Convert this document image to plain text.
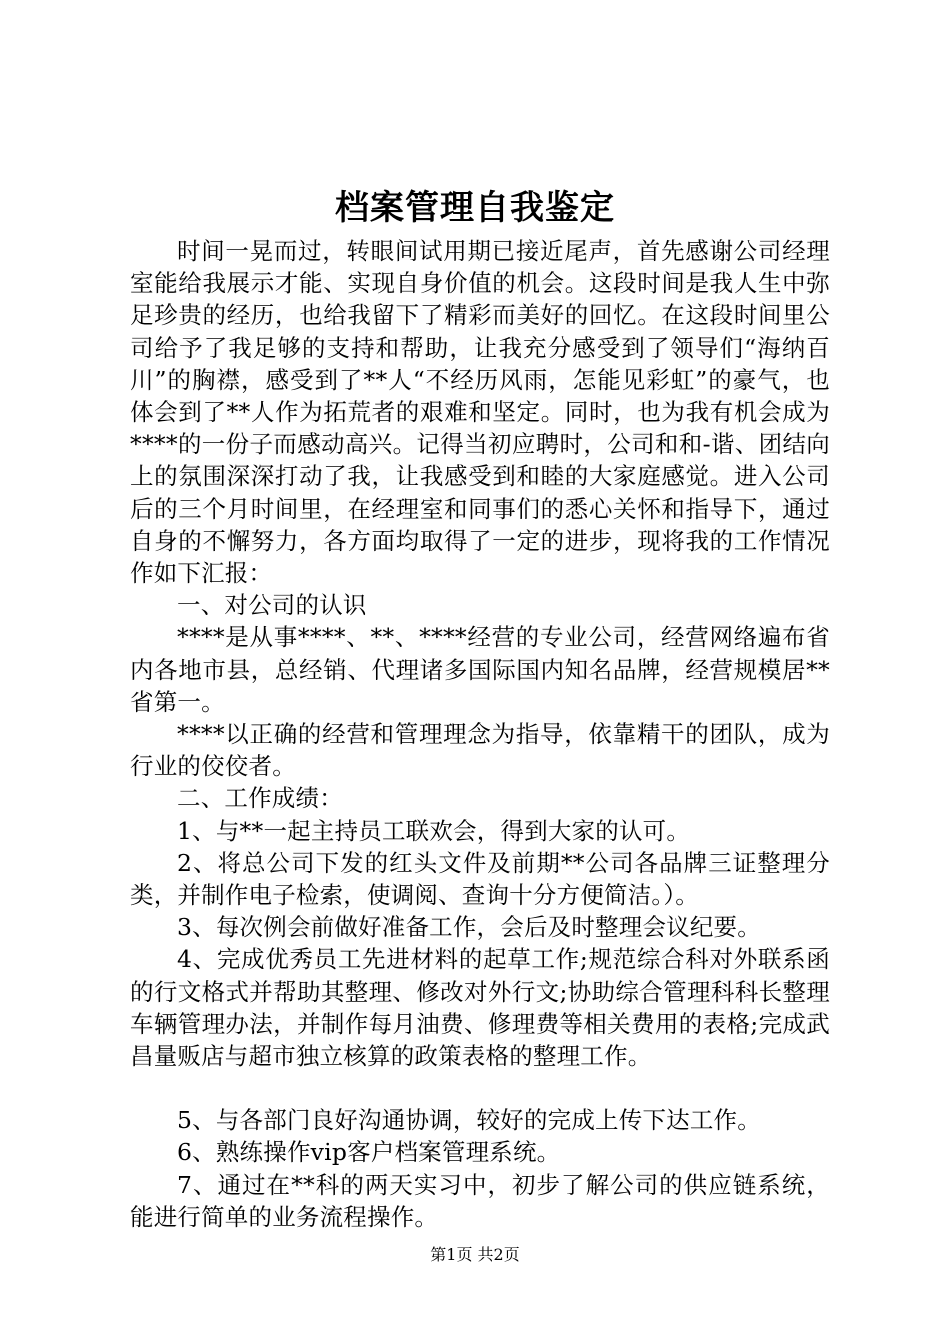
档案管理自我鉴定

时间一晃而过，转眼间试用期已接近尾声，首先感谢公司经理室能给我展示才能、实现自身价值的机会。这段时间是我人生中弥足珍贵的经历，也给我留下了精彩而美好的回忆。在这段时间里公司给予了我足够的支持和帮助，让我充分感受到了领导们“海纳百川”的胸襟，感受到了**人“不经历风雨，怎能见彩虹”的豪气，也体会到了**人作为拓荒者的艰难和坚定。同时，也为我有机会成为****的一份子而感动高兴。记得当初应聘时，公司和和-谐、团结向上的氛围深深打动了我，让我感受到和睦的大家庭感觉。进入公司后的三个月时间里，在经理室和同事们的悉心关怀和指导下，通过自身的不懈努力，各方面均取得了一定的进步，现将我的工作情况作如下汇报：

一、对公司的认识

****是从事****、**、****经营的专业公司，经营网络遍布省内各地市县，总经销、代理诸多国际国内知名品牌，经营规模居**省第一。

****以正确的经营和管理理念为指导，依靠精干的团队，成为行业的佼佼者。

二、工作成绩：

1、与**一起主持员工联欢会，得到大家的认可。

2、将总公司下发的红头文件及前期**公司各品牌三证整理分类，并制作电子检索，使调阅、查询十分方便简洁。）。

3、每次例会前做好准备工作，会后及时整理会议纪要。

4、完成优秀员工先进材料的起草工作;规范综合科对外联系函的行文格式并帮助其整理、修改对外行文;协助综合管理科科长整理车辆管理办法，并制作每月油费、修理费等相关费用的表格;完成武昌量贩店与超市独立核算的政策表格的整理工作。

5、与各部门良好沟通协调，较好的完成上传下达工作。

6、熟练操作vip客户档案管理系统。

7、通过在**科的两天实习中，初步了解公司的供应链系统，能进行简单的业务流程操作。

第1页 共2页
